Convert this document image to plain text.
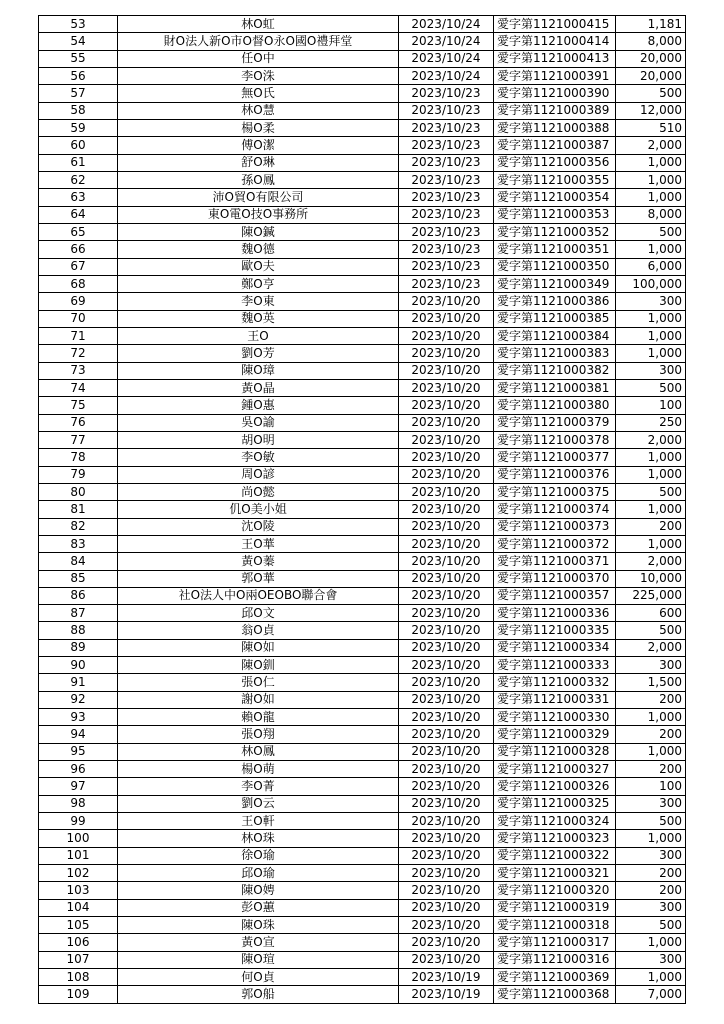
53	林O虹	2023/10/24	愛字第1121000415	1,181
54	財O法人新O市O督O永O國O禮拜堂	2023/10/24	愛字第1121000414	8,000
55	任O中	2023/10/24	愛字第1121000413	20,000
56	李O洙	2023/10/24	愛字第1121000391	20,000
57	無O氏	2023/10/23	愛字第1121000390	500
58	林O慧	2023/10/23	愛字第1121000389	12,000
59	楊O柔	2023/10/23	愛字第1121000388	510
60	傅O潔	2023/10/23	愛字第1121000387	2,000
61	舒O琳	2023/10/23	愛字第1121000356	1,000
62	孫O鳳	2023/10/23	愛字第1121000355	1,000
63	沛O貿O有限公司	2023/10/23	愛字第1121000354	1,000
64	東O電O技O事務所	2023/10/23	愛字第1121000353	8,000
65	陳O鍼	2023/10/23	愛字第1121000352	500
66	魏O德	2023/10/23	愛字第1121000351	1,000
67	歐O夫	2023/10/23	愛字第1121000350	6,000
68	鄭O亨	2023/10/23	愛字第1121000349	100,000
69	李O東	2023/10/20	愛字第1121000386	300
70	魏O英	2023/10/20	愛字第1121000385	1,000
71	王O	2023/10/20	愛字第1121000384	1,000
72	劉O芳	2023/10/20	愛字第1121000383	1,000
73	陳O璋	2023/10/20	愛字第1121000382	300
74	黃O晶	2023/10/20	愛字第1121000381	500
75	鍾O惠	2023/10/20	愛字第1121000380	100
76	吳O諭	2023/10/20	愛字第1121000379	250
77	胡O明	2023/10/20	愛字第1121000378	2,000
78	李O敏	2023/10/20	愛字第1121000377	1,000
79	周O諺	2023/10/20	愛字第1121000376	1,000
80	尚O懿	2023/10/20	愛字第1121000375	500
81	仉O美小姐	2023/10/20	愛字第1121000374	1,000
82	沈O陵	2023/10/20	愛字第1121000373	200
83	王O華	2023/10/20	愛字第1121000372	1,000
84	黃O蓁	2023/10/20	愛字第1121000371	2,000
85	郭O華	2023/10/20	愛字第1121000370	10,000
86	社O法人中O兩OEOBO聯合會	2023/10/20	愛字第1121000357	225,000
87	邱O文	2023/10/20	愛字第1121000336	600
88	翁O貞	2023/10/20	愛字第1121000335	500
89	陳O如	2023/10/20	愛字第1121000334	2,000
90	陳O釧	2023/10/20	愛字第1121000333	300
91	張O仁	2023/10/20	愛字第1121000332	1,500
92	謝O如	2023/10/20	愛字第1121000331	200
93	賴O龍	2023/10/20	愛字第1121000330	1,000
94	張O翔	2023/10/20	愛字第1121000329	200
95	林O鳳	2023/10/20	愛字第1121000328	1,000
96	楊O萌	2023/10/20	愛字第1121000327	200
97	李O菁	2023/10/20	愛字第1121000326	100
98	劉O云	2023/10/20	愛字第1121000325	300
99	王O軒	2023/10/20	愛字第1121000324	500
100	林O珠	2023/10/20	愛字第1121000323	1,000
101	徐O瑜	2023/10/20	愛字第1121000322	300
102	邱O瑜	2023/10/20	愛字第1121000321	200
103	陳O娉	2023/10/20	愛字第1121000320	200
104	彭O蕙	2023/10/20	愛字第1121000319	300
105	陳O珠	2023/10/20	愛字第1121000318	500
106	黃O宣	2023/10/20	愛字第1121000317	1,000
107	陳O瑄	2023/10/20	愛字第1121000316	300
108	何O貞	2023/10/19	愛字第1121000369	1,000
109	郭O船	2023/10/19	愛字第1121000368	7,000
